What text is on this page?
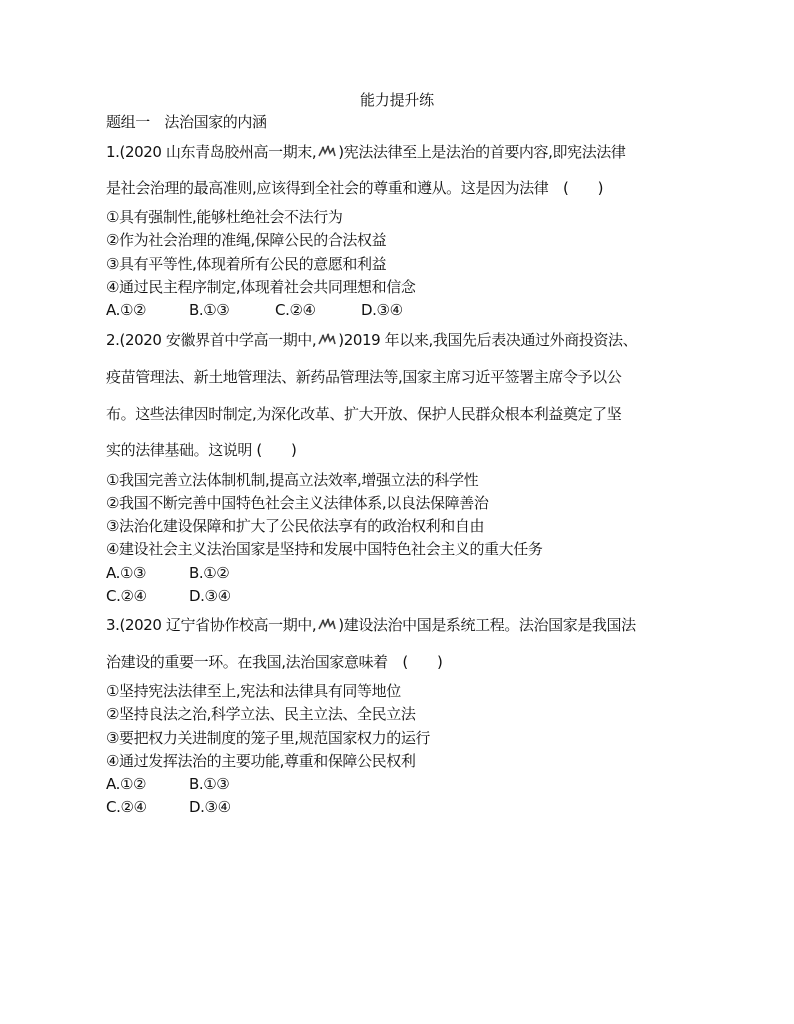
能力提升练
题组一　法治国家的内涵
1.(2020 山东青岛胶州高一期末, )宪法法律至上是法治的首要内容,即宪法法律
是社会治理的最高准则,应该得到全社会的尊重和遵从。这是因为法律　(　　)
①具有强制性,能够杜绝社会不法行为
②作为社会治理的准绳,保障公民的合法权益
③具有平等性,体现着所有公民的意愿和利益
④通过民主程序制定,体现着社会共同理想和信念
A.①②	B.①③	C.②④	D.③④
2.(2020 安徽界首中学高一期中, )2019 年以来,我国先后表决通过外商投资法、
疫苗管理法、新土地管理法、新药品管理法等,国家主席习近平签署主席令予以公
布。这些法律因时制定,为深化改革、扩大开放、保护人民群众根本利益奠定了坚
实的法律基础。这说明 (　　)
①我国完善立法体制机制,提高立法效率,增强立法的科学性
②我国不断完善中国特色社会主义法律体系,以良法保障善治
③法治化建设保障和扩大了公民依法享有的政治权利和自由
④建设社会主义法治国家是坚持和发展中国特色社会主义的重大任务
A.①③	B.①②
C.②④	D.③④
3.(2020 辽宁省协作校高一期中, )建设法治中国是系统工程。法治国家是我国法
治建设的重要一环。在我国,法治国家意味着　(　　)
①坚持宪法法律至上,宪法和法律具有同等地位
②坚持良法之治,科学立法、民主立法、全民立法
③要把权力关进制度的笼子里,规范国家权力的运行
④通过发挥法治的主要功能,尊重和保障公民权利
A.①②	B.①③
C.②④	D.③④
